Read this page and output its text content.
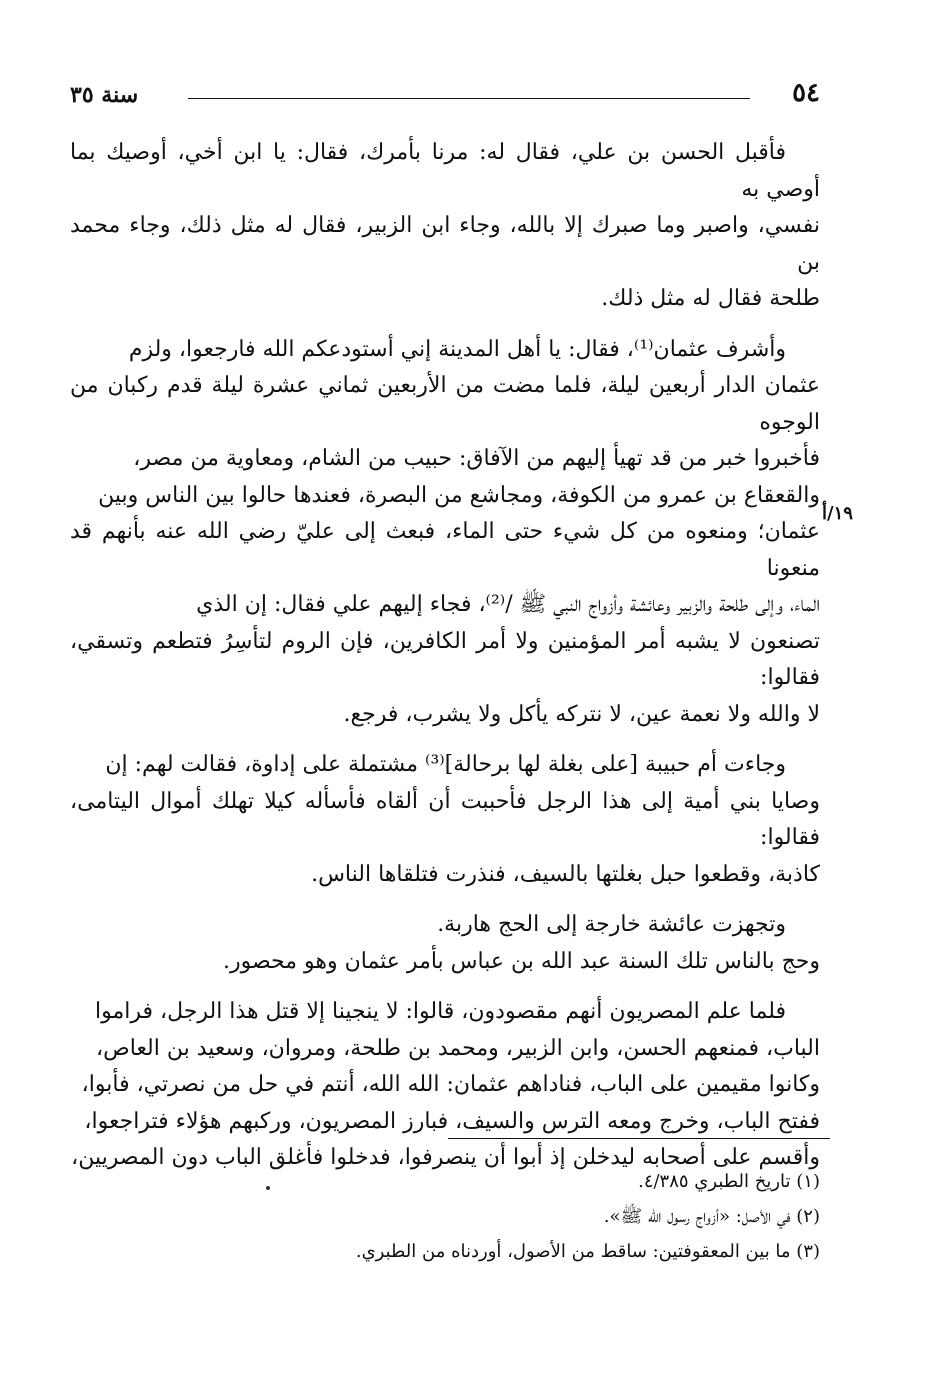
٥٤
سنة ٣٥
١٩/أ

فأقبل الحسن بن علي، فقال له: مرنا بأمرك، فقال: يا ابن أخي، أوصيك بما أوصي به
نفسي، واصبر وما صبرك إلا بالله، وجاء ابن الزبير، فقال له مثل ذلك، وجاء محمد بن
طلحة فقال له مثل ذلك.

وأشرف عثمان⁽¹⁾، فقال: يا أهل المدينة إني أستودعكم الله فارجعوا، ولزم
عثمان الدار أربعين ليلة، فلما مضت من الأربعين ثماني عشرة ليلة قدم ركبان من الوجوه
فأخبروا خبر من قد تهيأ إليهم من الآفاق: حبيب من الشام، ومعاوية من مصر،
والقعقاع بن عمرو من الكوفة، ومجاشع من البصرة، فعندها حالوا بين الناس وبين
عثمان؛ ومنعوه من كل شيء حتى الماء، فبعث إلى عليّ رضي الله عنه بأنهم قد منعونا
الماء، وإلى طلحة والزبير وعائشة وأزواج النبي ﷺ /⁽²⁾، فجاء إليهم علي فقال: إن الذي
تصنعون لا يشبه أمر المؤمنين ولا أمر الكافرين، فإن الروم لتأسِرُ فتطعم وتسقي، فقالوا:
لا والله ولا نعمة عين، لا نتركه يأكل ولا يشرب، فرجع.

وجاءت أم حبيبة [على بغلة لها برحالة]⁽³⁾ مشتملة على إداوة، فقالت لهم: إن
وصايا بني أمية إلى هذا الرجل فأحببت أن ألقاه فأسأله كيلا تهلك أموال اليتامى، فقالوا:
كاذبة، وقطعوا حبل بغلتها بالسيف، فنذرت فتلقاها الناس.

وتجهزت عائشة خارجة إلى الحج هاربة.
وحج بالناس تلك السنة عبد الله بن عباس بأمر عثمان وهو محصور.

فلما علم المصريون أنهم مقصودون، قالوا: لا ينجينا إلا قتل هذا الرجل، فراموا
الباب، فمنعهم الحسن، وابن الزبير، ومحمد بن طلحة، ومروان، وسعيد بن العاص،
وكانوا مقيمين على الباب، فناداهم عثمان: الله الله، أنتم في حل من نصرتي، فأبوا،
ففتح الباب، وخرج ومعه الترس والسيف، فبارز المصريون، وركبهم هؤلاء فتراجعوا،
وأقسم على أصحابه ليدخلن إذ أبوا أن ينصرفوا، فدخلوا فأغلق الباب دون المصريين،

(١) تاريخ الطبري ٤/٣٨٥.
(٢) في الأصل: «أزواج رسول الله ﷺ».
(٣) ما بين المعقوفتين: ساقط من الأصول، أوردناه من الطبري.
